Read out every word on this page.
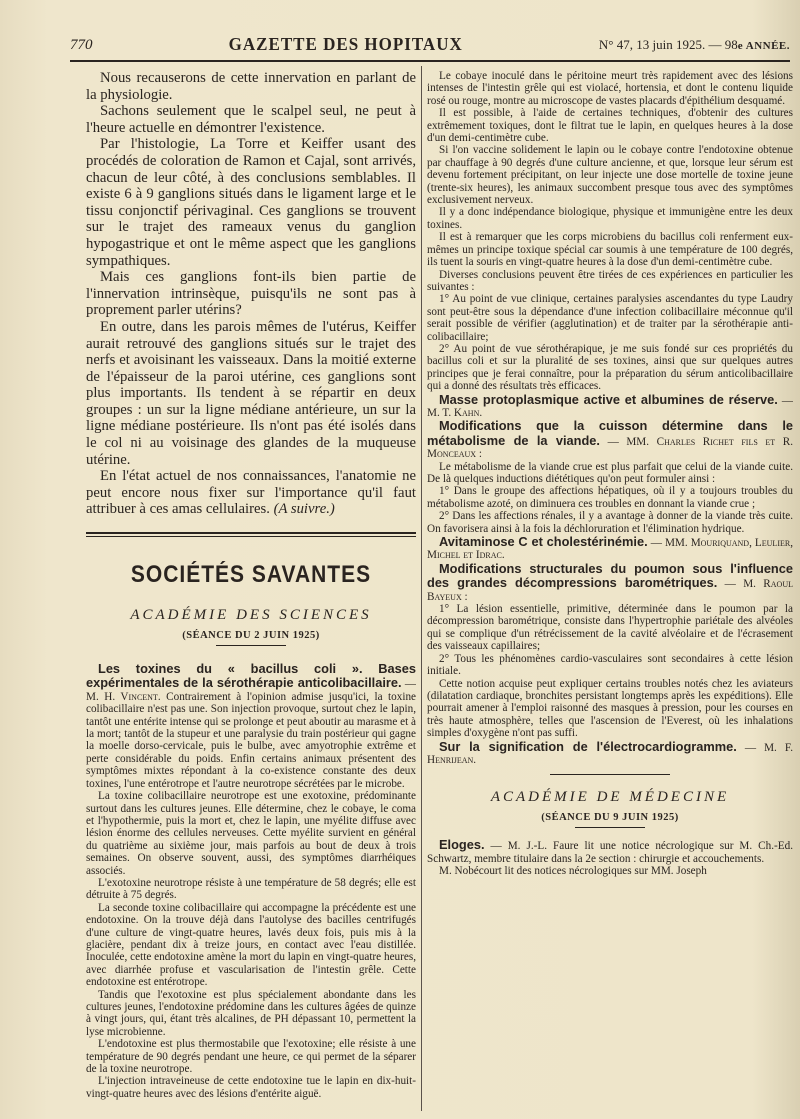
770	GAZETTE DES HOPITAUX	N° 47, 13 juin 1925. — 98e ANNÉE.

Nous recauserons de cette innervation en parlant de la physiologie.

Sachons seulement que le scalpel seul, ne peut à l'heure actuelle en démontrer l'existence.

Par l'histologie, La Torre et Keiffer usant des procédés de coloration de Ramon et Cajal, sont arrivés, chacun de leur côté, à des conclusions semblables. Il existe 6 à 9 ganglions situés dans le ligament large et le tissu conjonctif périvaginal. Ces ganglions se trouvent sur le trajet des rameaux venus du ganglion hypogastrique et ont le même aspect que les ganglions sympathiques.

Mais ces ganglions font-ils bien partie de l'innervation intrinsèque, puisqu'ils ne sont pas à proprement parler utérins?

En outre, dans les parois mêmes de l'utérus, Keiffer aurait retrouvé des ganglions situés sur le trajet des nerfs et avoisinant les vaisseaux. Dans la moitié externe de l'épaisseur de la paroi utérine, ces ganglions sont plus importants. Ils tendent à se répartir en deux groupes : un sur la ligne médiane antérieure, un sur la ligne médiane postérieure. Ils n'ont pas été isolés dans le col ni au voisinage des glandes de la muqueuse utérine.

En l'état actuel de nos connaissances, l'anatomie ne peut encore nous fixer sur l'importance qu'il faut attribuer à ces amas cellulaires. (A suivre.)

SOCIÉTÉS SAVANTES
ACADÉMIE DES SCIENCES
(SÉANCE DU 2 JUIN 1925)

Les toxines du « bacillus coli ». Bases expérimentales de la sérothérapie anticolibacillaire. — M. H. Vincent. Contrairement à l'opinion admise jusqu'ici, la toxine colibacillaire n'est pas une. Son injection provoque, surtout chez le lapin, tantôt une entérite intense qui se prolonge et peut aboutir au marasme et à la mort; tantôt de la stupeur et une paralysie du train postérieur qui gagne la moelle dorso-cervicale, puis le bulbe, avec amyotrophie extrême et perte considérable du poids. Enfin certains animaux présentent des symptômes mixtes répondant à la co-existence constante des deux toxines, l'une entérotrope et l'autre neurotrope sécrétées par le microbe.

La toxine colibacillaire neurotrope est une exotoxine, prédominante surtout dans les cultures jeunes. Elle détermine, chez le cobaye, le coma et l'hypothermie, puis la mort et, chez le lapin, une myélite diffuse avec lésion énorme des cellules nerveuses. Cette myélite survient en général du quatrième au sixième jour, mais parfois au bout de deux à trois semaines. On observe souvent, aussi, des symptômes diarrhéiques associés.

L'exotoxine neurotrope résiste à une température de 58 degrés; elle est détruite à 75 degrés.

La seconde toxine colibacillaire qui accompagne la précédente est une endotoxine. On la trouve déjà dans l'autolyse des bacilles centrifugés d'une culture de vingt-quatre heures, lavés deux fois, puis mis à la glacière, pendant dix à treize jours, en contact avec l'eau distillée. Inoculée, cette endotoxine amène la mort du lapin en vingt-quatre heures, avec diarrhée profuse et vascularisation de l'intestin grêle. Cette endotoxine est entérotrope.

Tandis que l'exotoxine est plus spécialement abondante dans les cultures jeunes, l'endotoxine prédomine dans les cultures âgées de quinze à vingt jours, qui, étant très alcalines, de PH dépassant 10, permettent la lyse microbienne.

L'endotoxine est plus thermostabile que l'exotoxine; elle résiste à une température de 90 degrés pendant une heure, ce qui permet de la séparer de la toxine neurotrope.

L'injection intraveineuse de cette endotoxine tue le lapin en dix-huit-vingt-quatre heures avec des lésions d'entérite aiguë.

Le cobaye inoculé dans le péritoine meurt très rapidement avec des lésions intenses de l'intestin grêle qui est violacé, hortensia, et dont le contenu liquide rosé ou rouge, montre au microscope de vastes placards d'épithélium desquamé.

Il est possible, à l'aide de certaines techniques, d'obtenir des cultures extrêmement toxiques, dont le filtrat tue le lapin, en quelques heures à la dose d'un demi-centimètre cube.

Si l'on vaccine solidement le lapin ou le cobaye contre l'endotoxine obtenue par chauffage à 90 degrés d'une culture ancienne, et que, lorsque leur sérum est devenu fortement précipitant, on leur injecte une dose mortelle de toxine jeune (trente-six heures), les animaux succombent presque tous avec des symptômes exclusivement nerveux.

Il y a donc indépendance biologique, physique et immunigène entre les deux toxines.

Il est à remarquer que les corps microbiens du bacillus coli renferment eux-mêmes un principe toxique spécial car soumis à une température de 100 degrés, ils tuent la souris en vingt-quatre heures à la dose d'un demi-centimètre cube.

Diverses conclusions peuvent être tirées de ces expériences en particulier les suivantes :

1° Au point de vue clinique, certaines paralysies ascendantes du type Laudry sont peut-être sous la dépendance d'une infection colibacillaire méconnue qu'il serait possible de vérifier (agglutination) et de traiter par la sérothérapie anti-colibacillaire;

2° Au point de vue sérothérapique, je me suis fondé sur ces propriétés du bacillus coli et sur la pluralité de ses toxines, ainsi que sur quelques autres principes que je ferai connaître, pour la préparation du sérum anticolibacillaire qui a donné des résultats très efficaces.

Masse protoplasmique active et albumines de réserve. — M. T. Kahn.

Modifications que la cuisson détermine dans le métabolisme de la viande. — MM. Charles Richet fils et R. Monceaux :

Le métabolisme de la viande crue est plus parfait que celui de la viande cuite. De là quelques inductions diététiques qu'on peut formuler ainsi :

1° Dans le groupe des affections hépatiques, où il y a toujours troubles du métabolisme azoté, on diminuera ces troubles en donnant la viande crue ;

2° Dans les affections rénales, il y a avantage à donner de la viande très cuite. On favorisera ainsi à la fois la déchloruration et l'élimination hydrique.

Avitaminose C et cholestérinémie. — MM. Mouriquand, Leulier, Michel et Idrac.

Modifications structurales du poumon sous l'influence des grandes décompressions barométriques. — M. Raoul Bayeux :

1° La lésion essentielle, primitive, déterminée dans le poumon par la décompression barométrique, consiste dans l'hypertrophie pariétale des alvéoles qui se complique d'un rétrécissement de la cavité alvéolaire et de l'écrasement des vaisseaux capillaires;

2° Tous les phénomènes cardio-vasculaires sont secondaires à cette lésion initiale.

Cette notion acquise peut expliquer certains troubles notés chez les aviateurs (dilatation cardiaque, bronchites persistant longtemps après les expéditions). Elle pourrait amener à l'emploi raisonné des masques à pression, pour les courses en très haute atmosphère, telles que l'ascension de l'Everest, où les inhalations simples d'oxygène n'ont pas suffi.

Sur la signification de l'électrocardiogramme. — M. F. Henrijean.

ACADÉMIE DE MÉDECINE
(SÉANCE DU 9 JUIN 1925)

Eloges. — M. J.-L. Faure lit une notice nécrologique sur M. Ch.-Ed. Schwartz, membre titulaire dans la 2e section : chirurgie et accouchements.

M. Nobécourt lit des notices nécrologiques sur MM. Joseph
